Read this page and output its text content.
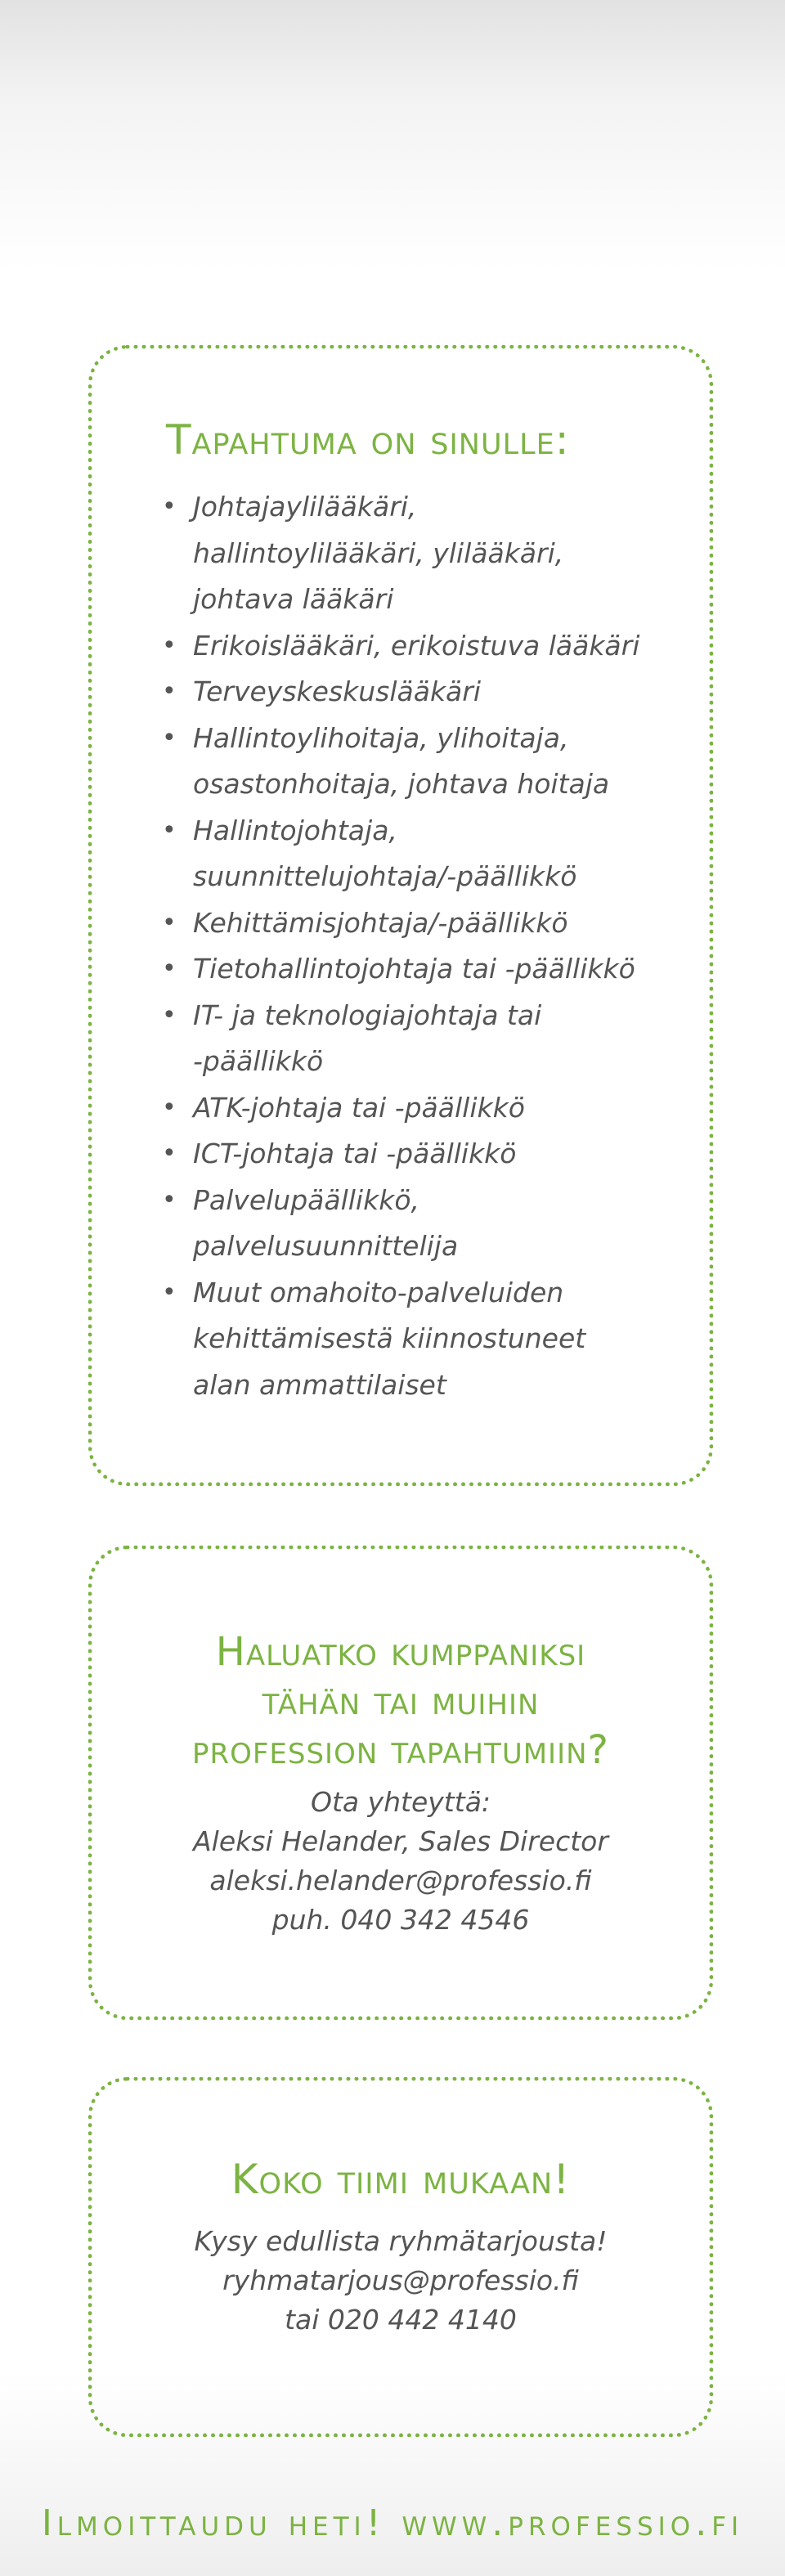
Tapahtuma on sinulle:
• Johtajaylilääkäri,
hallintoylilääkäri, ylilääkäri,
johtava lääkäri
• Erikoislääkäri, erikoistuva lääkäri
• Terveyskeskuslääkäri
• Hallintoylihoitaja, ylihoitaja,
osastonhoitaja, johtava hoitaja
• Hallintojohtaja,
suunnittelujohtaja/-päällikkö
• Kehittämisjohtaja/-päällikkö
• Tietohallintojohtaja tai -päällikkö
• IT- ja teknologiajohtaja tai
-päällikkö
• ATK-johtaja tai -päällikkö
• ICT-johtaja tai -päällikkö
• Palvelupäällikkö,
palvelusuunnittelija
• Muut omahoito-palveluiden
kehittämisestä kiinnostuneet
alan ammattilaiset
Haluatko kumppaniksi
tähän tai muihin
profession tapahtumiin?
Ota yhteyttä:
Aleksi Helander, Sales Director
aleksi.helander@professio.fi
puh. 040 342 4546
Koko tiimi mukaan!
Kysy edullista ryhmätarjousta!
ryhmatarjous@professio.fi
tai 020 442 4140
Ilmoittaudu heti! www.professio.fi
